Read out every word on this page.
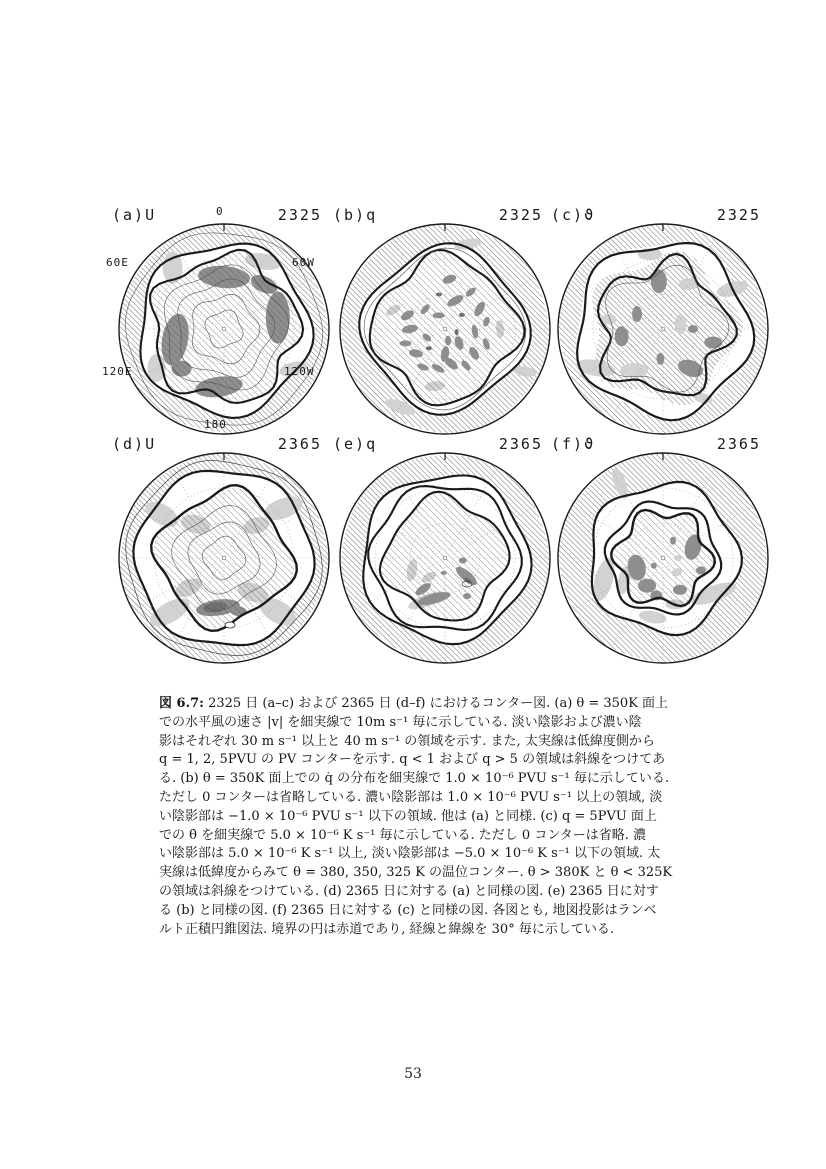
0
60E	60W
120E	120W
180
(a)U	2325 (b)q	2325 (c)ϑ	2325
(d)U	2365 (e)q	2365 (f)ϑ	2365
図 6.7: 2325 日 (a–c) および 2365 日 (d–f) におけるコンター図. (a) θ = 350K 面上
での水平風の速さ |v| を細実線で 10m s⁻¹ 毎に示している. 淡い陰影および濃い陰
影はそれぞれ 30 m s⁻¹ 以上と 40 m s⁻¹ の領域を示す. また, 太実線は低緯度側から
q = 1, 2, 5PVU の PV コンターを示す. q < 1 および q > 5 の領域は斜線をつけてあ
る. (b) θ = 350K 面上での q̇ の分布を細実線で 1.0 × 10⁻⁶ PVU s⁻¹ 毎に示している.
ただし 0 コンターは省略している. 濃い陰影部は 1.0 × 10⁻⁶ PVU s⁻¹ 以上の領域, 淡
い陰影部は −1.0 × 10⁻⁶ PVU s⁻¹ 以下の領域. 他は (a) と同様. (c) q = 5PVU 面上
での θ̇ を細実線で 5.0 × 10⁻⁶ K s⁻¹ 毎に示している. ただし 0 コンターは省略. 濃
い陰影部は 5.0 × 10⁻⁶ K s⁻¹ 以上, 淡い陰影部は −5.0 × 10⁻⁶ K s⁻¹ 以下の領域. 太
実線は低緯度からみて θ = 380, 350, 325 K の温位コンター. θ > 380K と θ < 325K
の領域は斜線をつけている. (d) 2365 日に対する (a) と同様の図. (e) 2365 日に対す
る (b) と同様の図. (f) 2365 日に対する (c) と同様の図. 各図とも, 地図投影はランベ
ルト正積円錐図法. 境界の円は赤道であり, 経線と緯線を 30° 毎に示している.
53
